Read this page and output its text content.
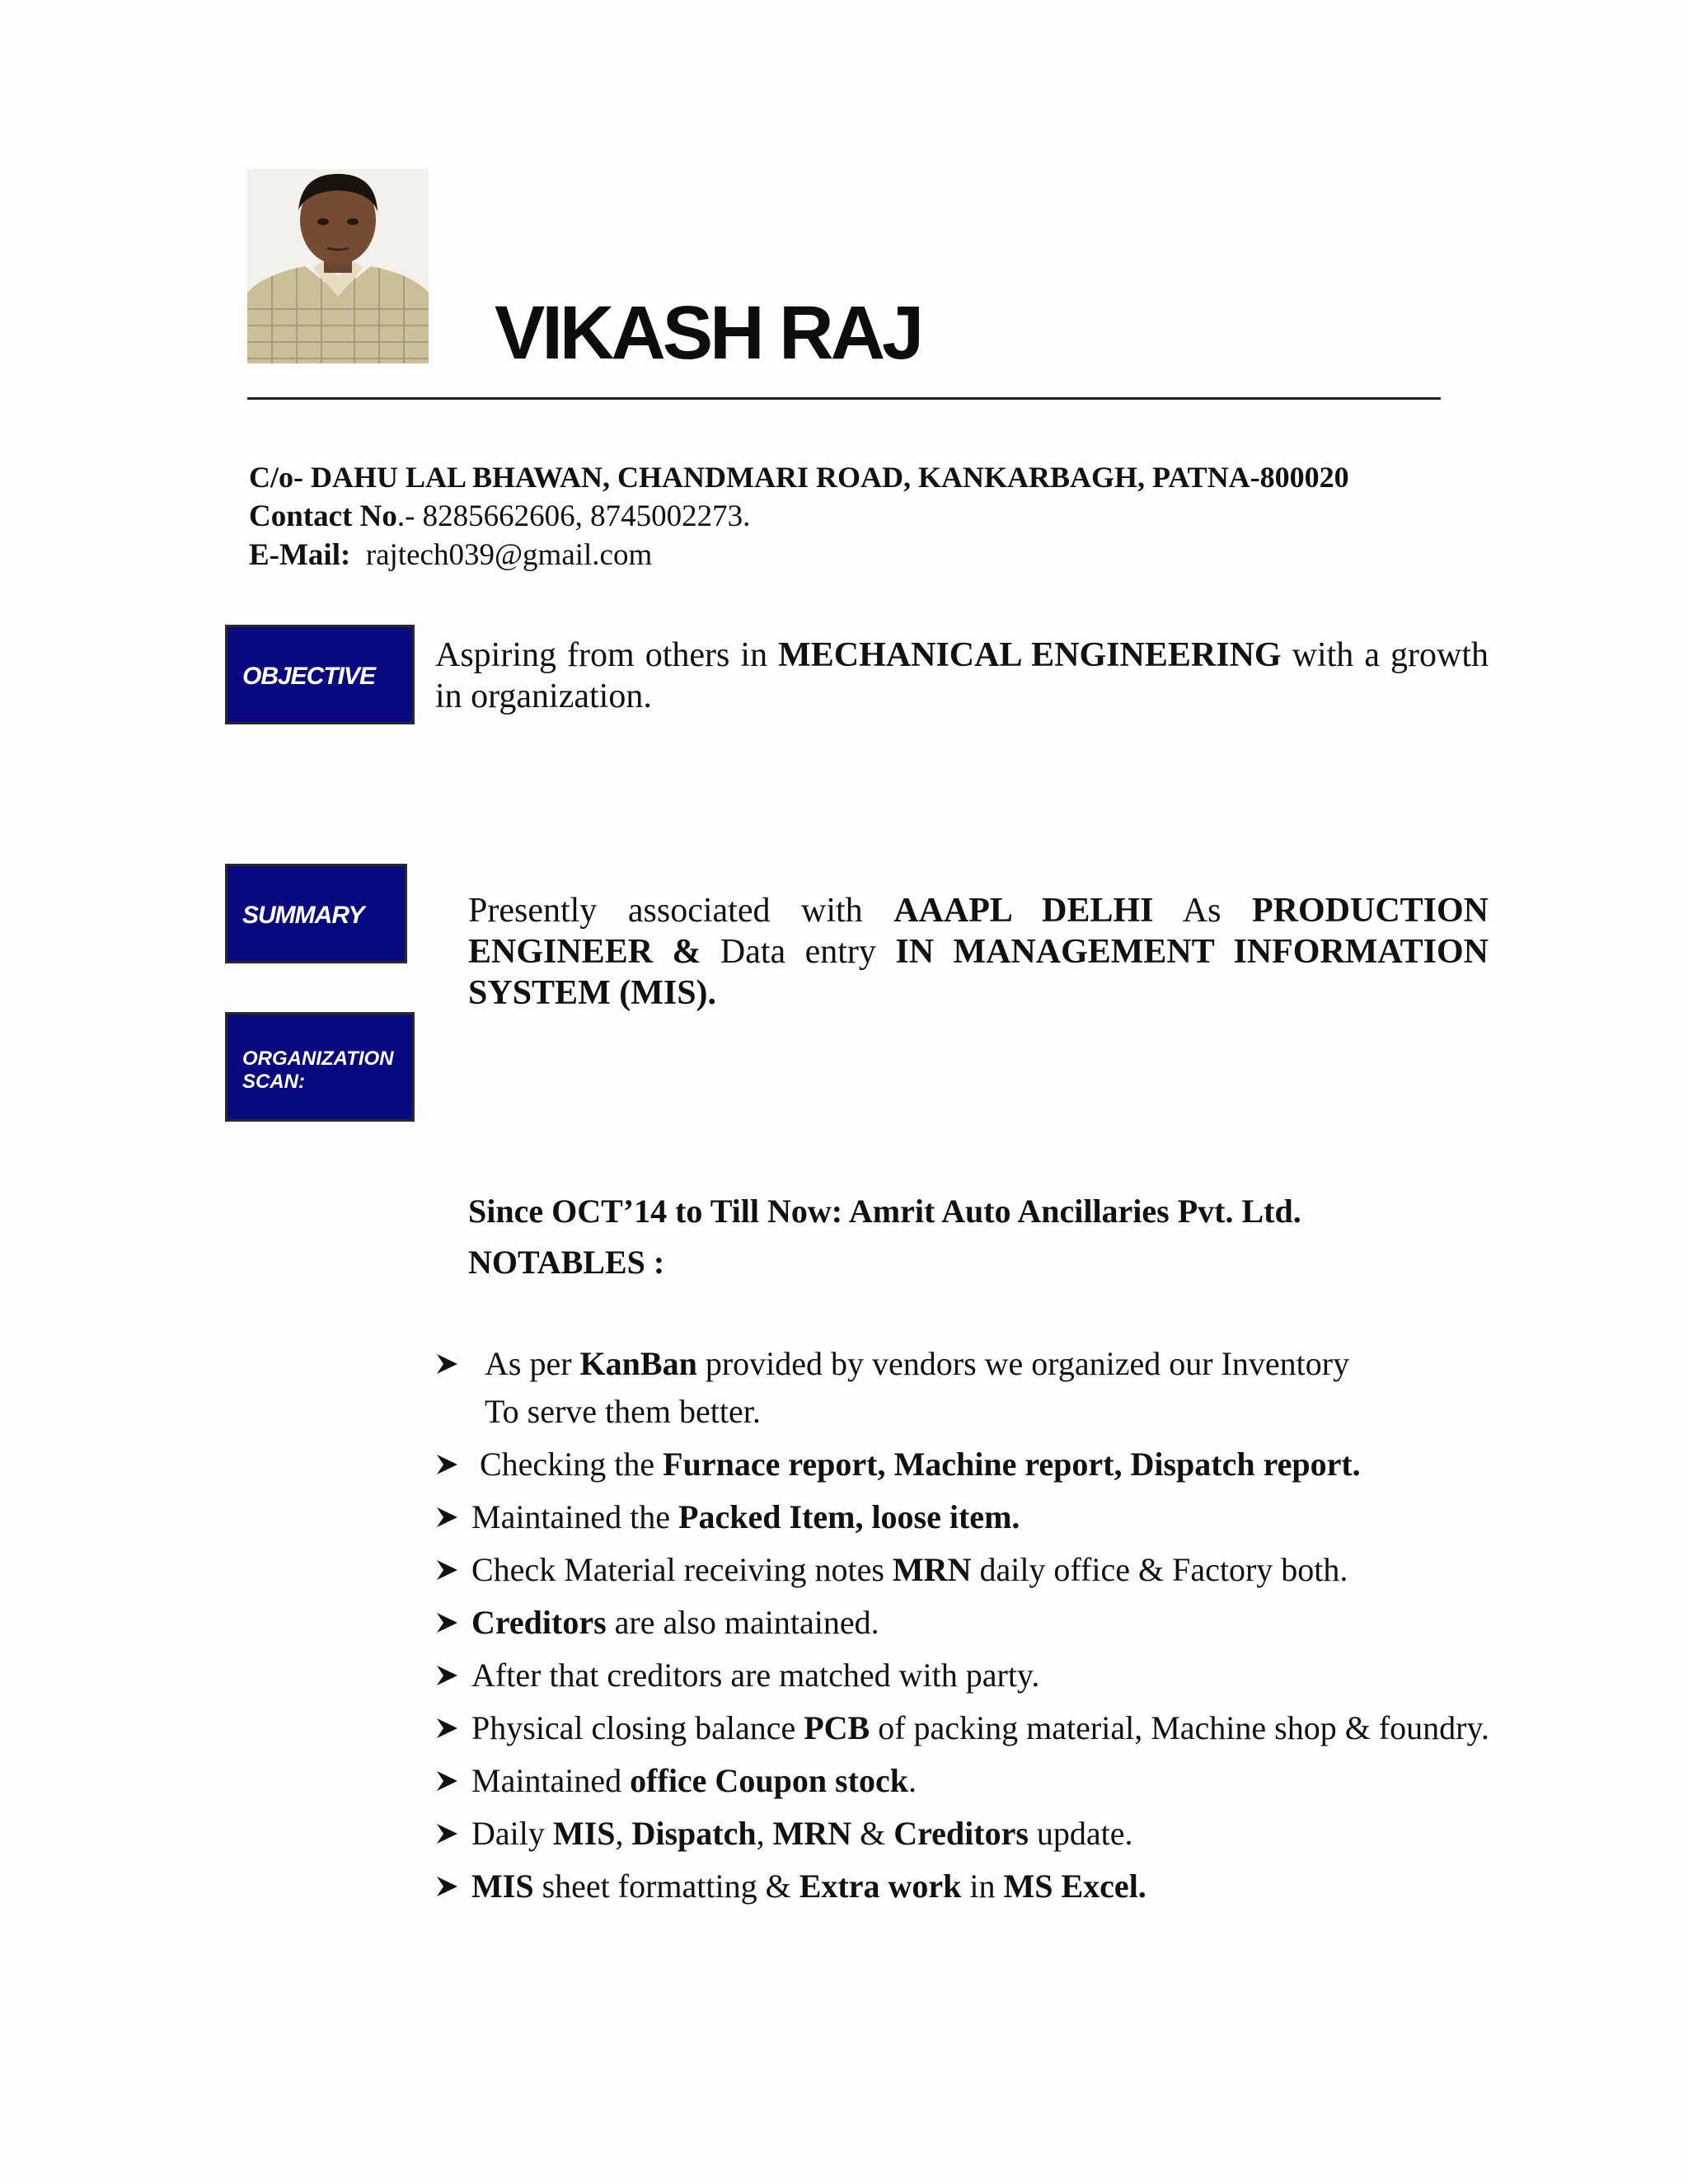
VIKASH RAJ
C/o- DAHU LAL BHAWAN, CHANDMARI ROAD, KANKARBAGH, PATNA-800020
Contact No.- 8285662606, 8745002273.
E-Mail: rajtech039@gmail.com
OBJECTIVE
Aspiring from others in MECHANICAL ENGINEERING with a growth in organization.
SUMMARY	Presently associated with AAAPL DELHI As PRODUCTION ENGINEER & Data entry IN MANAGEMENT INFORMATION SYSTEM (MIS).
ORGANIZATION
SCAN:
Since OCT’14 to Till Now: Amrit Auto Ancillaries Pvt. Ltd.
NOTABLES :
As per KanBan provided by vendors we organized our Inventory
To serve them better.
Checking the Furnace report, Machine report, Dispatch report.
Maintained the Packed Item, loose item.
Check Material receiving notes MRN daily office & Factory both.
Creditors are also maintained.
After that creditors are matched with party.
Physical closing balance PCB of packing material, Machine shop & foundry.
Maintained office Coupon stock.
Daily MIS, Dispatch, MRN & Creditors update.
MIS sheet formatting & Extra work in MS Excel.
